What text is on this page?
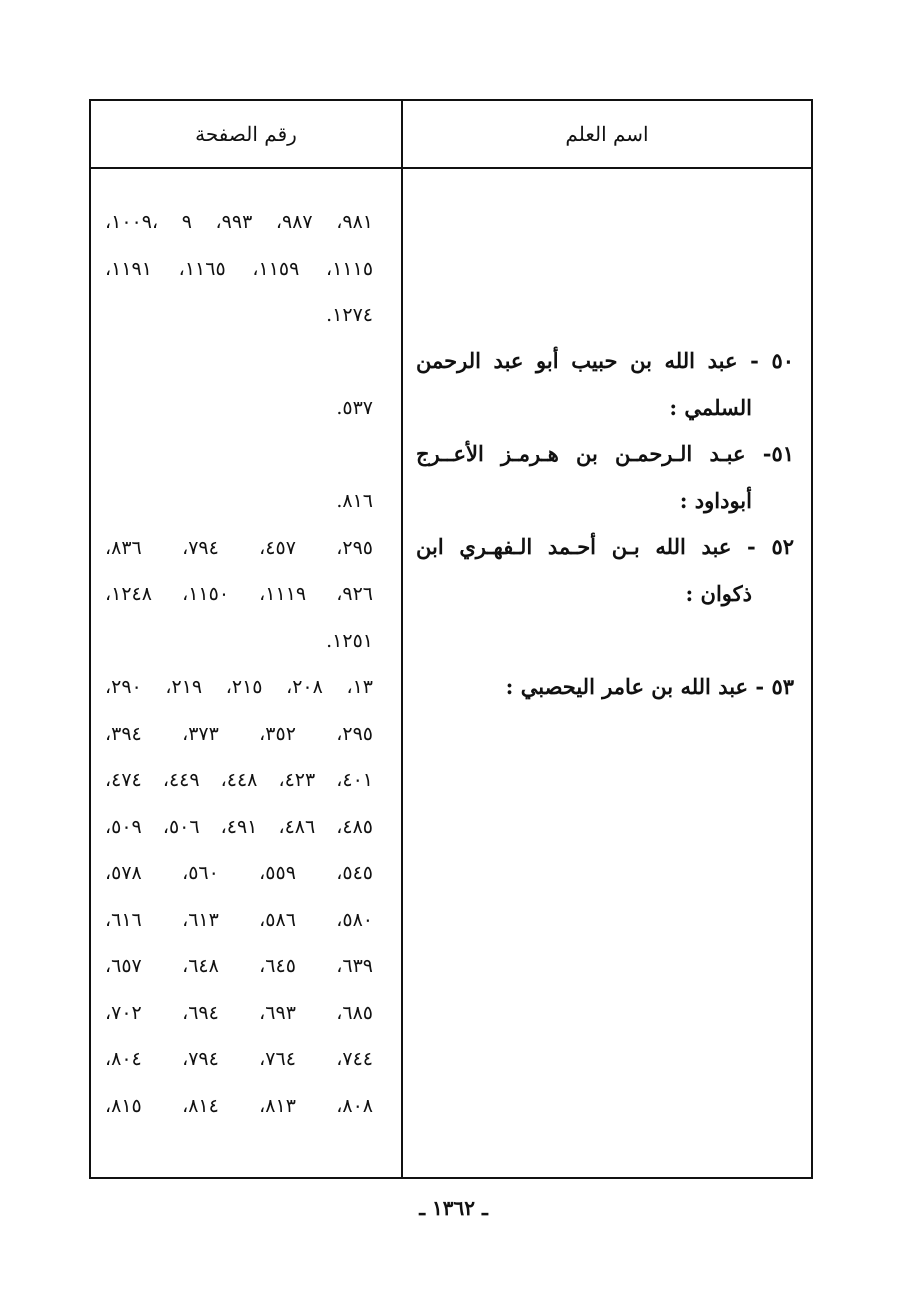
رقم الصفحة	اسم العلم
٩٨١، ٩٨٧، ٩٩٣، ٩ ،١٠٠٩،
١١١٥، ١١٥٩، ١١٦٥، ١١٩١،
١٢٧٤.
٥٣٧.
٨١٦.
٢٩٥، ٤٥٧، ٧٩٤، ٨٣٦،
٩٢٦، ١١١٩، ١١٥٠، ١٢٤٨،
١٢٥١.
١٣، ٢٠٨، ٢١٥، ٢١٩، ٢٩٠،
٢٩٥، ٣٥٢، ٣٧٣، ٣٩٤،
٤٠١، ٤٢٣، ٤٤٨، ٤٤٩، ٤٧٤،
٤٨٥، ٤٨٦، ٤٩١، ٥٠٦، ٥٠٩،
٥٤٥، ٥٥٩، ٥٦٠، ٥٧٨،
٥٨٠، ٥٨٦، ٦١٣، ٦١٦،
٦٣٩، ٦٤٥، ٦٤٨، ٦٥٧،
٦٨٥، ٦٩٣، ٦٩٤، ٧٠٢،
٧٤٤، ٧٦٤، ٧٩٤، ٨٠٤،
٨٠٨، ٨١٣، ٨١٤، ٨١٥،
٥٠ - عبد الله بن حبيب أبو عبد الرحمن
السلمي :
٥١- عبـد الـرحمـن بن هـرمـز الأعــرج
أبوداود :
٥٢ - عبد الله بـن أحـمد الـفهـري ابن
ذكوان :
٥٣ - عبد الله بن عامر اليحصبي :
ـ ١٣٦٢ ـ
